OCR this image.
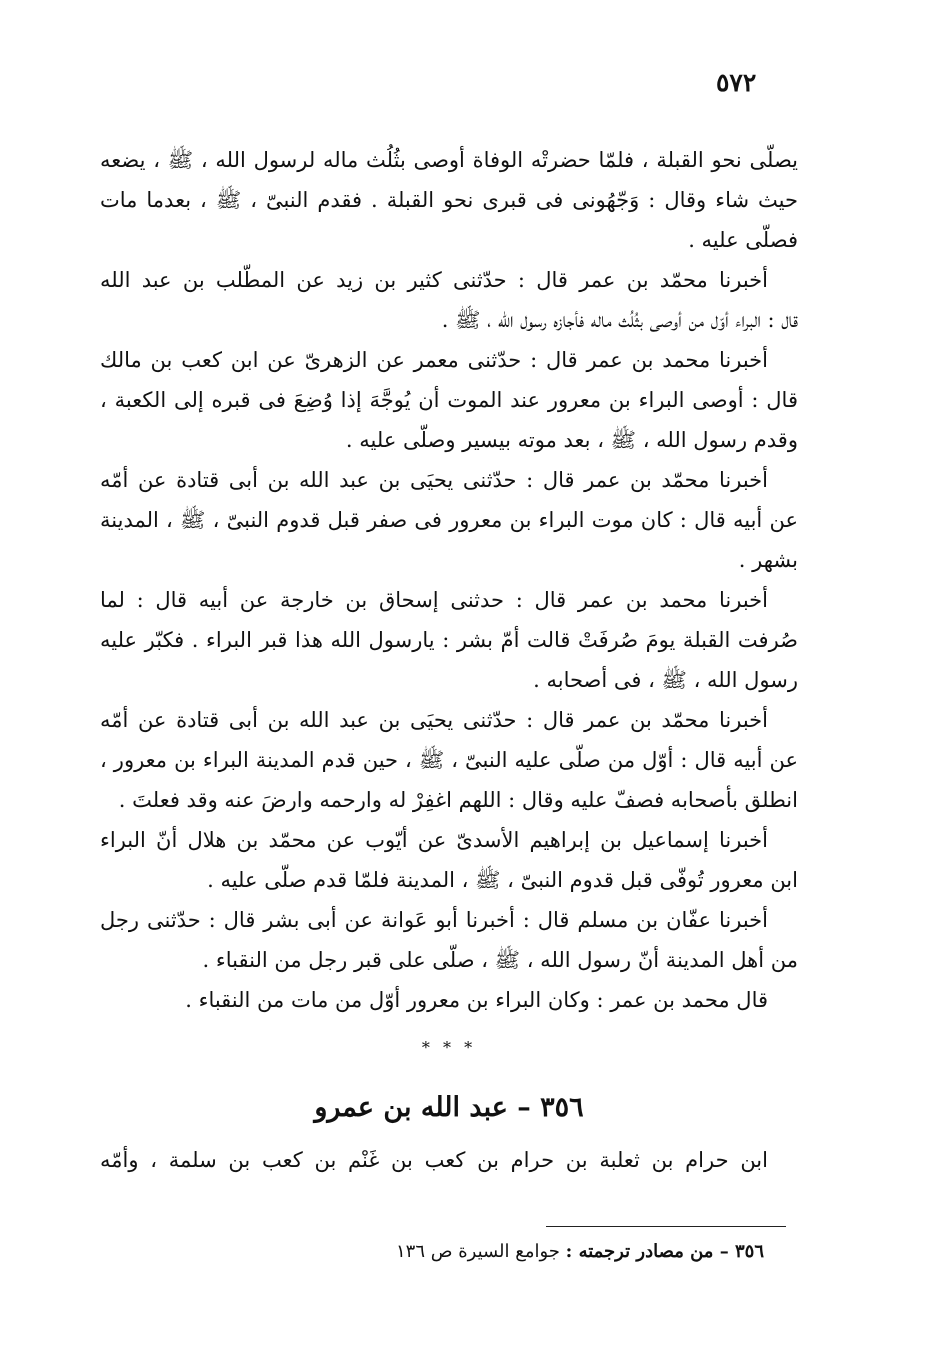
٥٧٢
يصلّى نحو القبلة ، فلمّا حضرتْه الوفاة أوصى بثُلُث ماله لرسول الله ، ﷺ ، يضعه
حيث شاء وقال : وَجّهُونى فى قبرى نحو القبلة . فقدم النبىّ ، ﷺ ، بعدما مات
فصلّى عليه .
أخبرنا محمّد بن عمر قال : حدّثنى كثير بن زيد عن المطّلب بن عبد الله
قال : البراء أوّل من أوصى بثُلُث ماله فأجازه رسول الله ، ﷺ .
أخبرنا محمد بن عمر قال : حدّثنى معمر عن الزهرىّ عن ابن كعب بن مالك
قال : أوصى البراء بن معرور عند الموت أن يُوجَّهَ إذا وُضِعَ فى قبره إلى الكعبة ،
وقدم رسول الله ، ﷺ ، بعد موته بيسير وصلّى عليه .
أخبرنا محمّد بن عمر قال : حدّثنى يحيَى بن عبد الله بن أبى قتادة عن أمّه
عن أبيه قال : كان موت البراء بن معرور فى صفر قبل قدوم النبىّ ، ﷺ ، المدينة
بشهر .
أخبرنا محمد بن عمر قال : حدثنى إسحاق بن خارجة عن أبيه قال : لما
صُرفت القبلة يومَ صُرفَتْ قالت أمّ بشر : يارسول الله هذا قبر البراء . فكبّر عليه
رسول الله ، ﷺ ، فى أصحابه .
أخبرنا محمّد بن عمر قال : حدّثنى يحيَى بن عبد الله بن أبى قتادة عن أمّه
عن أبيه قال : أوّل من صلّى عليه النبىّ ، ﷺ ، حين قدم المدينة البراء بن معرور ،
انطلق بأصحابه فصفّ عليه وقال : اللهم اغفِرْ له وارحمه وارضَ عنه وقد فعلتَ .
أخبرنا إسماعيل بن إبراهيم الأسدىّ عن أيّوب عن محمّد بن هلال أنّ البراء
ابن معرور تُوفّى قبل قدوم النبىّ ، ﷺ ، المدينة فلمّا قدم صلّى عليه .
أخبرنا عفّان بن مسلم قال : أخبرنا أبو عَوانة عن أبى بشر قال : حدّثنى رجل
من أهل المدينة أنّ رسول الله ، ﷺ ، صلّى على قبر رجل من النقباء .
قال محمد بن عمر : وكان البراء بن معرور أوّل من مات من النقباء .
* * *
٣٥٦ – عبد الله بن عمرو
ابن حرام بن ثعلبة بن حرام بن كعب بن غَنْم بن كعب بن سلمة ، وأمّه
٣٥٦ – من مصادر ترجمته : جوامع السيرة ص ١٣٦
